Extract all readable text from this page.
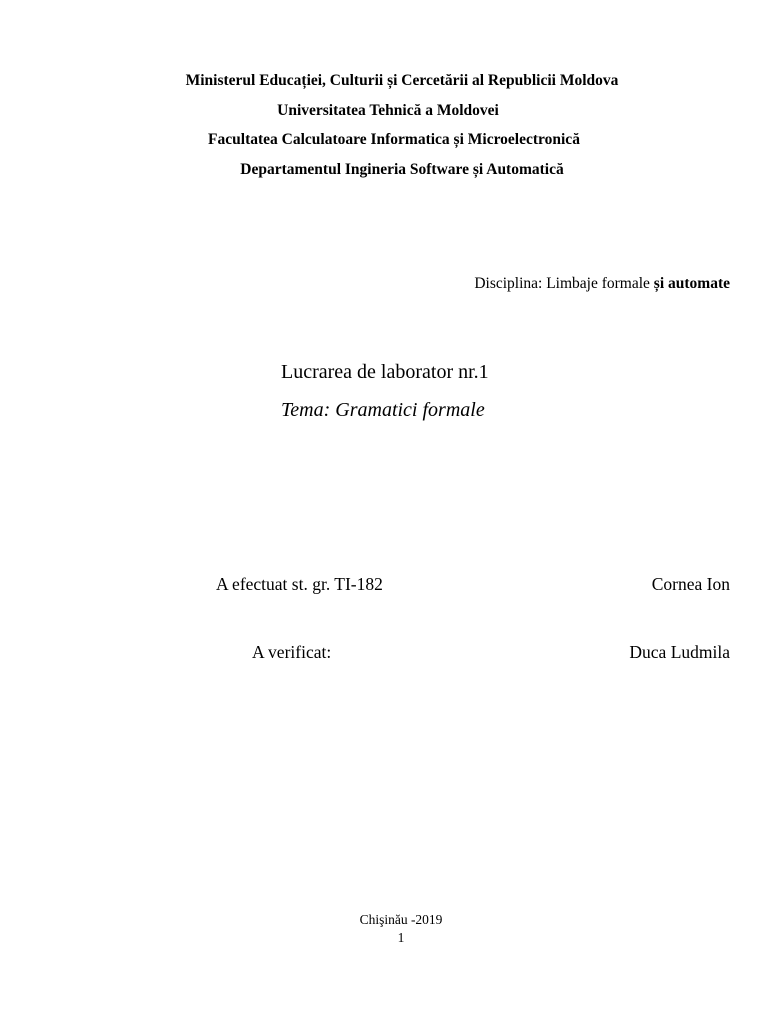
Ministerul Educației, Culturii și Cercetării al Republicii Moldova
Universitatea Tehnică a Moldovei
Facultatea Calculatoare Informatica și Microelectronică
Departamentul Ingineria Software și Automatică
Disciplina: Limbaje formale și automate
Lucrarea de laborator nr.1
Tema: Gramatici formale
A efectuat st. gr. TI-182	Cornea Ion
A verificat:	Duca Ludmila
Chişinău -2019
1
